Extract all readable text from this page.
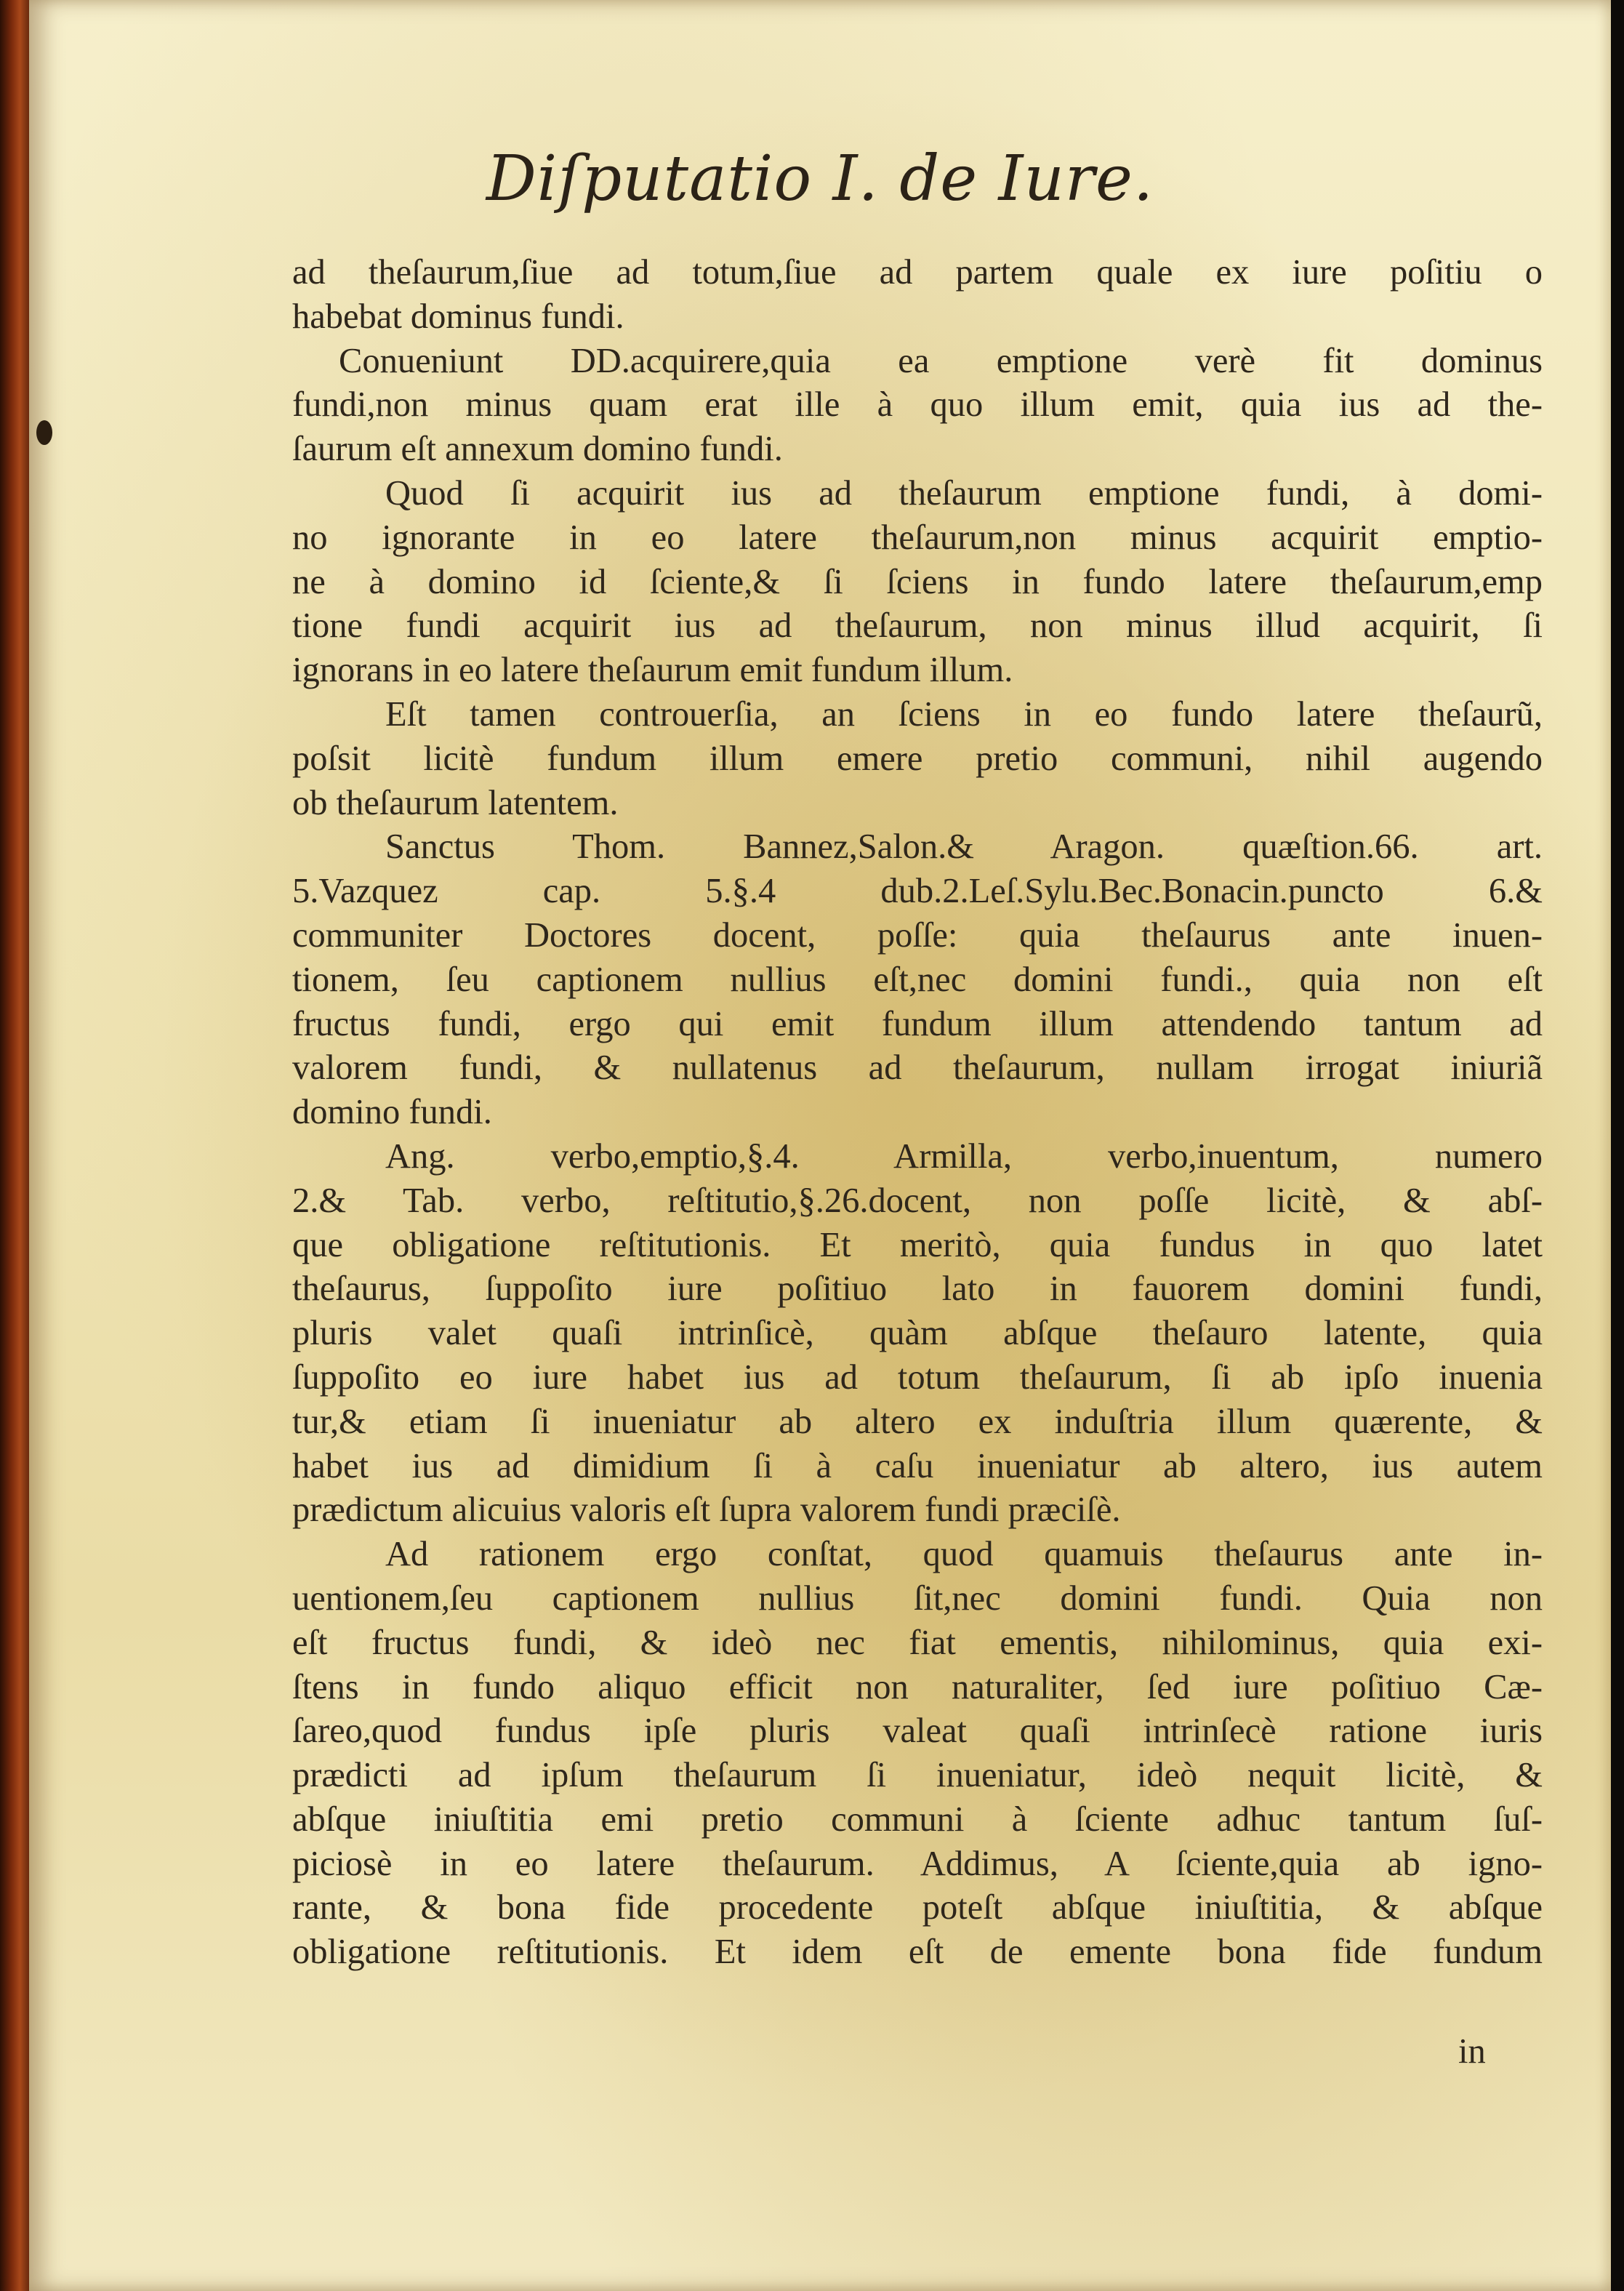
Diſputatio I. de Iure.
ad theſaurum,ſiue ad totum,ſiue ad partem quale ex iure poſitiu o
habebat dominus fundi.
Conueniunt DD.acquirere,quia ea emptione verè fit dominus
fundi,non minus quam erat ille à quo illum emit, quia ius ad the-
ſaurum eſt annexum domino fundi.
Quod ſi acquirit ius ad theſaurum emptione fundi, à domi-
no ignorante in eo latere theſaurum,non minus acquirit emptio-
ne à domino id ſciente,& ſi ſciens in fundo latere theſaurum,emp
tione fundi acquirit ius ad theſaurum, non minus illud acquirit, ſi
ignorans in eo latere theſaurum emit fundum illum.
Eſt tamen controuerſia, an ſciens in eo fundo latere theſaurũ,
poſsit licitè fundum illum emere pretio communi, nihil augendo
ob theſaurum latentem.
Sanctus Thom. Bannez,Salon.& Aragon. quæſtion.66. art.
5.Vazquez cap. 5.§.4 dub.2.Leſ.Sylu.Bec.Bonacin.puncto 6.&
communiter Doctores docent, poſſe: quia theſaurus ante inuen-
tionem, ſeu captionem nullius eſt,nec domini fundi., quia non eſt
fructus fundi, ergo qui emit fundum illum attendendo tantum ad
valorem fundi, & nullatenus ad theſaurum, nullam irrogat iniuriã
domino fundi.
Ang. verbo,emptio,§.4. Armilla, verbo,inuentum, numero
2.& Tab. verbo, reſtitutio,§.26.docent, non poſſe licitè, & abſ-
que obligatione reſtitutionis. Et meritò, quia fundus in quo latet
theſaurus, ſuppoſito iure poſitiuo lato in fauorem domini fundi,
pluris valet quaſi intrinſicè, quàm abſque theſauro latente, quia
ſuppoſito eo iure habet ius ad totum theſaurum, ſi ab ipſo inuenia
tur,& etiam ſi inueniatur ab altero ex induſtria illum quærente, &
habet ius ad dimidium ſi à caſu inueniatur ab altero, ius autem
prædictum alicuius valoris eſt ſupra valorem fundi præciſè.
Ad rationem ergo conſtat, quod quamuis theſaurus ante in-
uentionem,ſeu captionem nullius ſit,nec domini fundi. Quia non
eſt fructus fundi, & ideò nec fiat ementis, nihilominus, quia exi-
ſtens in fundo aliquo efficit non naturaliter, ſed iure poſitiuo Cæ-
ſareo,quod fundus ipſe pluris valeat quaſi intrinſecè ratione iuris
prædicti ad ipſum theſaurum ſi inueniatur, ideò nequit licitè, &
abſque iniuſtitia emi pretio communi à ſciente adhuc tantum ſuſ-
piciosè in eo latere theſaurum. Addimus, A ſciente,quia ab igno-
rante, & bona fide procedente poteſt abſque iniuſtitia, & abſque
obligatione reſtitutionis. Et idem eſt de emente bona fide fundum
in
